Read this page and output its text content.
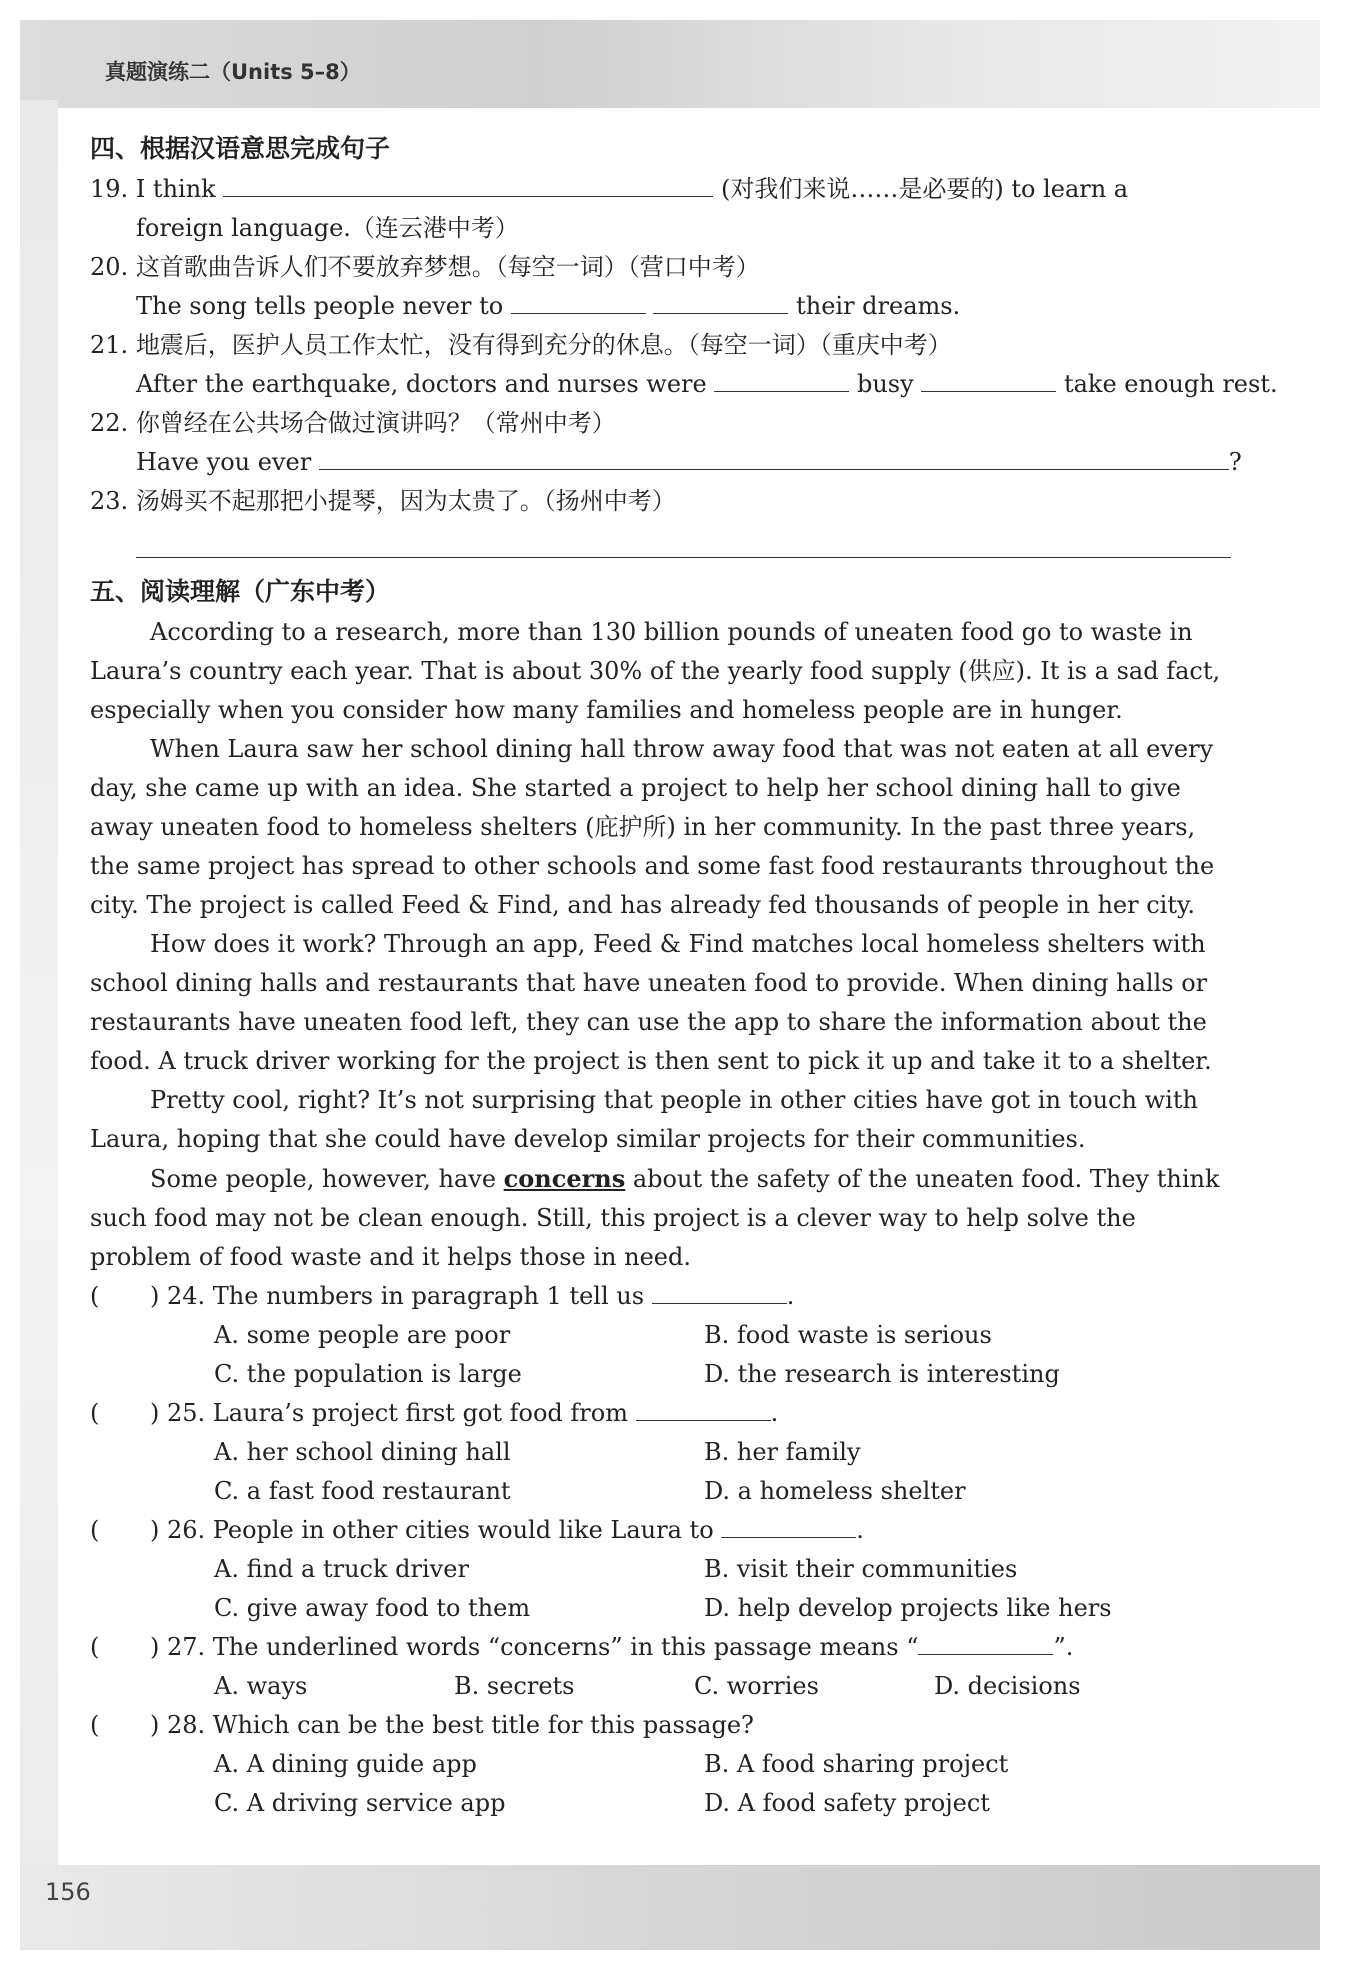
真题演练二（Units 5–8）
156
四、根据汉语意思完成句子
19. I think	(对我们来说……是必要的) to learn a
foreign language.（连云港中考）
20. 这首歌曲告诉人们不要放弃梦想。（每空一词）（营口中考）
The song tells people never to	their dreams.
21. 地震后，医护人员工作太忙，没有得到充分的休息。（每空一词）（重庆中考）
After the earthquake, doctors and nurses were	busy	take enough rest.
22. 你曾经在公共场合做过演讲吗？（常州中考）
Have you ever	?
23. 汤姆买不起那把小提琴，因为太贵了。（扬州中考）
五、阅读理解（广东中考）

According to a research, more than 130 billion pounds of uneaten food go to waste in Laura’s country each year. That is about 30% of the yearly food supply (供应). It is a sad fact, especially when you consider how many families and homeless people are in hunger.

When Laura saw her school dining hall throw away food that was not eaten at all every day, she came up with an idea. She started a project to help her school dining hall to give away uneaten food to homeless shelters (庇护所) in her community. In the past three years, the same project has spread to other schools and some fast food restaurants throughout the city. The project is called Feed & Find, and has already fed thousands of people in her city.

How does it work? Through an app, Feed & Find matches local homeless shelters with school dining halls and restaurants that have uneaten food to provide. When dining halls or restaurants have uneaten food left, they can use the app to share the information about the food. A truck driver working for the project is then sent to pick it up and take it to a shelter.

Pretty cool, right? It’s not surprising that people in other cities have got in touch with Laura, hoping that she could have develop similar projects for their communities.

Some people, however, have concerns about the safety of the uneaten food. They think such food may not be clean enough. Still, this project is a clever way to help solve the problem of food waste and it helps those in need.

( ) 24. The numbers in paragraph 1 tell us	.
A. some people are poor	B. food waste is serious
C. the population is large	D. the research is interesting
( ) 25. Laura’s project first got food from	.
A. her school dining hall	B. her family
C. a fast food restaurant	D. a homeless shelter
( ) 26. People in other cities would like Laura to	.
A. find a truck driver	B. visit their communities
C. give away food to them	D. help develop projects like hers
( ) 27. The underlined words “concerns” in this passage means “	”.
A. ways	B. secrets	C. worries	D. decisions
( ) 28. Which can be the best title for this passage?
A. A dining guide app	B. A food sharing project
C. A driving service app	D. A food safety project
